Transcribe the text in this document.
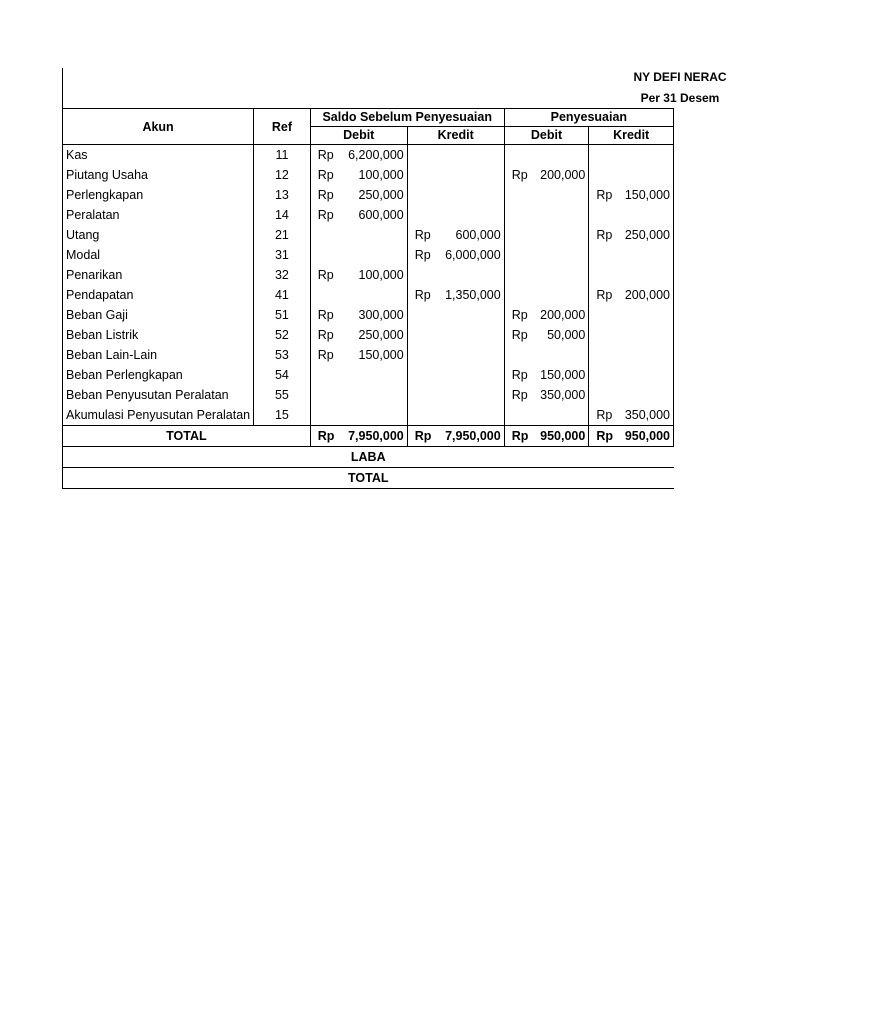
NY DEFI NERAC
Per 31 Desem
Akun	Ref	Saldo Sebelum Penyesuaian		Penyesuaian	
		Debit	Kredit	Debit	Kredit
Kas	11	Rp 6,200,000			

Piutang Usaha	12	Rp 100,000		Rp 200,000	

Perlengkapan	13	Rp 250,000			Rp 150,000

Peralatan	14	Rp 600,000			

Utang	21		Rp 600,000		Rp 250,000

Modal	31		Rp 6,000,000		

Penarikan	32	Rp 100,000			

Pendapatan	41		Rp 1,350,000		Rp 200,000

Beban Gaji	51	Rp 300,000		Rp 200,000	

Beban Listrik	52	Rp 250,000		Rp 50,000	

Beban Lain-Lain	53	Rp 150,000			

Beban Perlengkapan	54			Rp 150,000	

Beban Penyusutan Peralatan	55			Rp 350,000	

Akumulasi Penyusutan Peralatan	15				Rp 350,000

TOTAL		Rp 7,950,000	Rp 7,950,000	Rp 950,000	Rp 950,000

LABA					
TOTAL					
